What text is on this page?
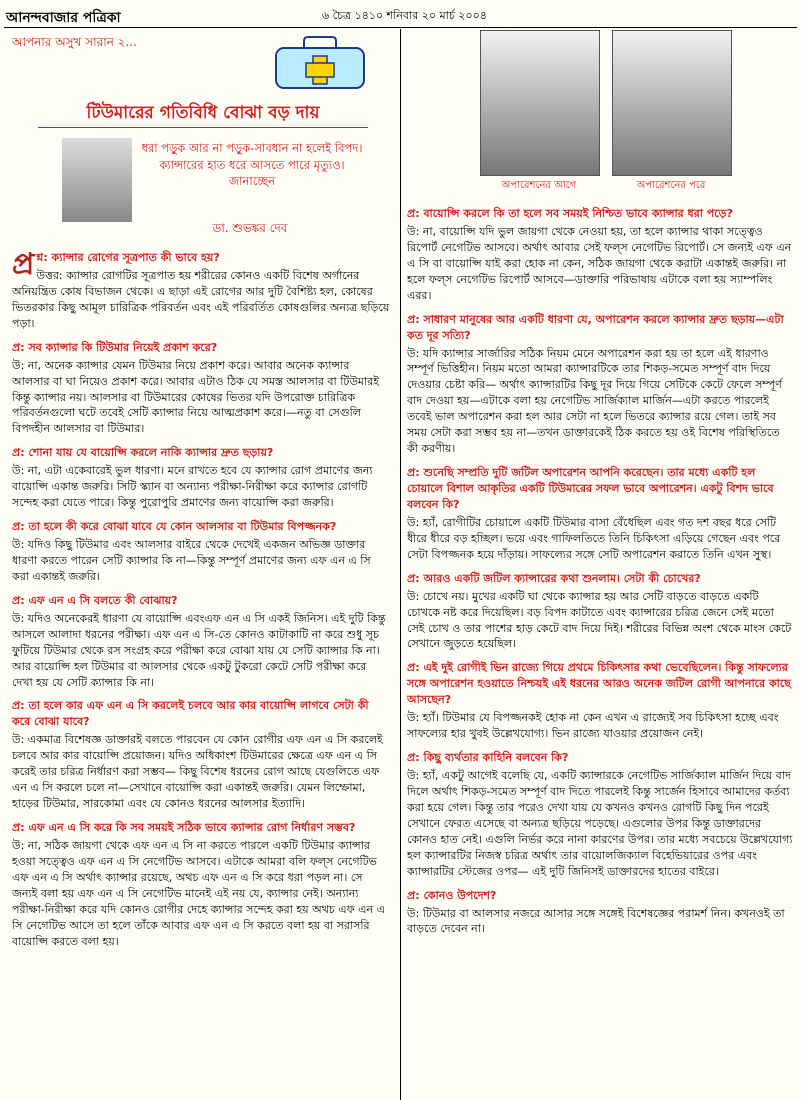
আনন্দবাজার পত্রিকা	৬ চৈত্র ১৪১০ শনিবার ২০ মার্চ ২০০৪
আপনার অসুখ সারান ২...
টিউমারের গতিবিধি বোঝা বড় দায়
ধরা পড়ুক আর না পড়ুক-সাবধান না হলেই বিপদ। ক্যান্সারের হাত ধরে আসতে পারে মৃত্যুও। জানাচ্ছেন
ডা. শুভঙ্কর দেব
অপারেশনের আগে	অপারেশনের পরে
প্র শ্ন: ক্যান্সার রোগের সূত্রপাত কী ভাবে হয়?
উত্তর: ক্যান্সার রোগটির সূত্রপাত হয় শরীরের কোনও একটি বিশেষ অর্গানের অনিয়ন্ত্রিত কোষ বিভাজন থেকে। এ ছাড়া এই রোগের আর দুটি বৈশিষ্ট্য হল, কোষের ভিতরকার কিছু আমূল চারিত্রিক পরিবর্তন এবং এই পরিবর্তিত কোষগুলির অন্যত্র ছড়িয়ে পড়া।
প্র: সব ক্যান্সার কি টিউমার নিয়েই প্রকাশ করে?
উ: না, অনেক ক্যান্সার যেমন টিউমার নিয়ে প্রকাশ করে। আবার অনেক ক্যান্সার আলসার বা ঘা নিয়েও প্রকাশ করে। আবার এটাও ঠিক যে সমস্ত আলসার বা টিউমারই কিন্তু ক্যান্সার নয়। আলসার বা টিউমারের কোষের ভিতর যদি উপরোক্ত চারিত্রিক পরিবর্তনগুলো ঘটে তবেই সেটি ক্যান্সার নিয়ে আত্মপ্রকাশ করে।—নতু বা সেগুলি বিপদহীন আলসার বা টিউমার।
প্র: শোনা যায় যে বায়োপ্সি করলে নাকি ক্যান্সার দ্রুত ছড়ায়?
উ: না, এটা একেবারেই ভুল ধারণা। মনে রাখতে হবে যে ক্যান্সার রোগ প্রমাণের জন্য বায়োপ্সি একান্ত জরুরি। সিটি স্ক্যান বা অন্যান্য পরীক্ষা-নিরীক্ষা করে ক্যান্সার রোগটি সন্দেহ করা যেতে পারে। কিন্তু পুরোপুরি প্রমাণের জন্য বায়োপ্সি করা জরুরি।
প্র: তা হলে কী করে বোঝা যাবে যে কোন আলসার বা টিউমার বিপজ্জনক?
উ: যদিও কিছু টিউমার এবং আলসার বাইরে থেকে দেখেই একজন অভিজ্ঞ ডাক্তার ধারণা করতে পারেন সেটি ক্যান্সার কি না—কিন্তু সম্পূর্ণ প্রমাণের জন্য এফ এন এ সি করা একান্তই জরুরি।
প্র: এফ এন এ সি বলতে কী বোঝায়?
উ: যদিও অনেকেরই ধারণা যে বায়োপ্সি এবংএফ এন এ সি একই জিনিস। এই দুটি কিন্তু আসলে আলাদা ধরনের পরীক্ষা। এফ এন এ সি-তে কোনও কাটাকাটি না করে শুধু সূচ ফুটিয়ে টিউমার থেকে রস সংগ্রহ করে পরীক্ষা করে বোঝা যায় যে সেটি ক্যান্সার কি না। আর বায়োপ্সি হল টিউমার বা আলসার থেকে একটু টুকরো কেটে সেটি পরীক্ষা করে দেখা হয় যে সেটি ক্যান্সার কি না।
প্র: তা হলে কার এফ এন এ সি করলেই চলবে আর কার বায়োপ্সি লাগবে সেটা কী করে বোঝা যাবে?
উ: একমাত্র বিশেষজ্ঞ ডাক্তারই বলতে পারবেন যে কোন রোগীর এফ এন এ সি করলেই চলবে আর কার বায়োপ্সি প্রয়োজন। যদিও অধিকাংশ টিউমারের ক্ষেত্রে এফ এন এ সি করেই তার চরিত্র নির্ধারণ করা সম্ভব— কিছু বিশেষ ধরনের রোগ আছে যেগুলিতে এফ এন এ সি করলে চলে না—সেখানে বায়োপ্সি করা একান্তই জরুরি। যেমন লিম্ফোমা, হাড়ের টিউমার, সারকোমা এবং যে কোনও ধরনের আলসার ইত্যাদি।
প্র: এফ এন এ সি করে কি সব সময়ই সঠিক ভাবে ক্যান্সার রোগ নির্ধারণ সম্ভব?
উ: না, সঠিক জায়গা থেকে এফ এন এ সি না করতে পারলে একটি টিউমার ক্যান্সার হওয়া সত্ত্বেও এফ এন এ সি নেগেটিভ আসবে। এটাকে আমরা বলি ফল্স নেগেটিভ এফ এন এ সি অর্থাৎ ক্যান্সার রয়েছে, অথচ এফ এন এ সি করে ধরা পড়ল না। সে জন্যই বলা হয় এফ এন এ সি নেগেটিভ মানেই এই নয় যে, ক্যান্সার নেই। অন্যান্য পরীক্ষা-নিরীক্ষা করে যদি কোনও রোগীর দেহে ক্যান্সার সন্দেহ করা হয় অথচ এফ এন এ সি নেগেটিভ আসে তা হলে তাঁকে আবার এফ এন এ সি করতে বলা হয় বা সরাসরি বায়োপ্সি করতে বলা হয়।
প্র: বায়োপ্সি করলে কি তা হলে সব সময়ই নিশ্চিত ভাবে ক্যান্সার ধরা পড়ে?
উ: না, বায়োপ্সি যদি ভুল জায়গা থেকে নেওয়া হয়, তা হলে ক্যান্সার থাকা সত্ত্বেও রিপোর্ট নেগেটিভ আসবে। অর্থাৎ আবার সেই ফল্স নেগেটিভ রিপোর্ট। সে জন্যই এফ এন এ সি বা বায়োপ্সি যাই করা হোক না কেন, সঠিক জায়গা থেকে করাটা একান্তই জরুরি। না হলে ফল্স নেগেটিভ রিপোর্ট আসবে—ডাক্তারি পরিভাষায় এটাকে বলা হয় স্যাম্পলিং এরর।
প্র: সাধারণ মানুষের আর একটি ধারণা যে, অপারেশন করলে ক্যান্সার দ্রুত ছড়ায়—এটা কত দূর সত্যি?
উ: যদি ক্যান্সার সার্জারির সঠিক নিয়ম মেনে অপারেশন করা হয় তা হলে এই ধারণাও সম্পূর্ণ ভিত্তিহীন। নিয়ম মতো আমরা ক্যান্সারটিকে তার শিকড়-সমেত সম্পূর্ণ বাদ দিয়ে দেওয়ার চেষ্টা করি— অর্থাৎ ক্যান্সারটির কিছু দূর দিয়ে গিয়ে সেটিকে কেটে ফেলে সম্পূর্ণ বাদ দেওয়া হয়—এটাকে বলা হয় নেগেটিভ সার্জিক্যাল মার্জিন—এটা করতে পারলেই তবেই ভাল অপারেশন করা হল আর সেটা না হলে ভিতরে ক্যান্সার রয়ে গেল। তাই সব সময় সেটা করা সম্ভব হয় না—তখন ডাক্তারকেই ঠিক করতে হয় ওই বিশেষ পরিস্থিতিতে কী করণীয়।
প্র: শুনেছি সম্প্রতি দুটি জটিল অপারেশন আপনি করেছেন। তার মধ্যে একটি হল চোয়ালে বিশাল আকৃতির একটি টিউমারের সফল ভাবে অপারেশন। একটু বিশদ ভাবে বলবেন কি?
উ: হ্যাঁ, রোগীটির চোয়ালে একটি টিউমার বাসা বেঁধেছিল এবং গত দশ বছর ধরে সেটি ধীরে ধীরে বড় হচ্ছিল। ভয়ে এবং গাফিলতিতে তিনি চিকিৎসা এড়িয়ে গেছেন এবং পরে সেটা বিপজ্জনক হয়ে দাঁড়ায়। সাফল্যের সঙ্গে সেটি অপারেশন করাতে তিনি এখন সুস্থ।
প্র: আরও একটি জটিল ক্যান্সারের কথা শুনলাম। সেটা কী চোখের?
উ: চোখে নয়। মুখের একটি ঘা থেকে ক্যান্সার হয় আর সেটি বাড়তে বাড়তে একটি চোখকে নষ্ট করে দিয়েছিল। বড় বিপদ কাটাতে এবং ক্যান্সারের চরিত্র জেনে সেই মতো সেই চোখ ও তার পাশের হাড় কেটে বাদ দিয়ে দিই। শরীরের বিভিন্ন অংশ থেকে মাংস কেটে সেখানে জুড়তে হয়েছিল।
প্র: এই দুই রোগীই ভিন রাজ্যে গিয়ে প্রথমে চিকিৎসার কথা ভেবেছিলেন। কিন্তু সাফল্যের সঙ্গে অপারেশন হওয়াতে নিশ্চয়ই এই ধরনের আরও অনেক জটিল রোগী আপনারে কাছে আসছেন?
উ: হ্যাঁ। টিউমার যে বিপজ্জনকই হোক না কেন এখন এ রাজ্যেই সব চিকিৎসা হচ্ছে এবং সাফল্যের হার খুবই উল্লেখযোগ্য। ভিন রাজ্যে যাওয়ার প্রয়োজন নেই।
প্র: কিছু ব্যর্থতার কাহিনি বলবেন কি?
উ: হ্যাঁ, একটু আগেই বলেছি যে, একটি ক্যান্সারকে নেগেটিভ সার্জিক্যাল মার্জিন দিয়ে বাদ দিলে অর্থাৎ শিকড়-সমেত সম্পূর্ণ বাদ দিতে পারলেই কিন্তু সার্জেন হিসাবে আমাদের কর্তব্য করা হয়ে গেল। কিন্তু তার পরেও দেখা যায় যে কখনও কখনও রোগটি কিছু দিন পরেই সেখানে ফেরত এসেছে বা অন্যত্র ছড়িয়ে পড়েছে। এগুলোর উপর কিন্তু ডাক্তারদের কোনও হাত নেই। এগুলি নির্ভর করে নানা কারণের উপর। তার মধ্যে সবচেয়ে উল্লেখযোগ্য হল ক্যান্সারটির নিজস্ব চরিত্র অর্থাৎ তার বায়োলজিক্যাল বিহেভিয়ারের ওপর এবং ক্যান্সারটির স্টেজের ওপর— এই দুটি জিনিসই ডাক্তারদের হাতের বাইরে।
প্র: কোনও উপদেশ?
উ: টিউমার বা আলসার নজরে আসার সঙ্গে সঙ্গেই বিশেষজ্ঞের পরামর্শ নিন। কখনওই তা বাড়তে দেবেন না।
